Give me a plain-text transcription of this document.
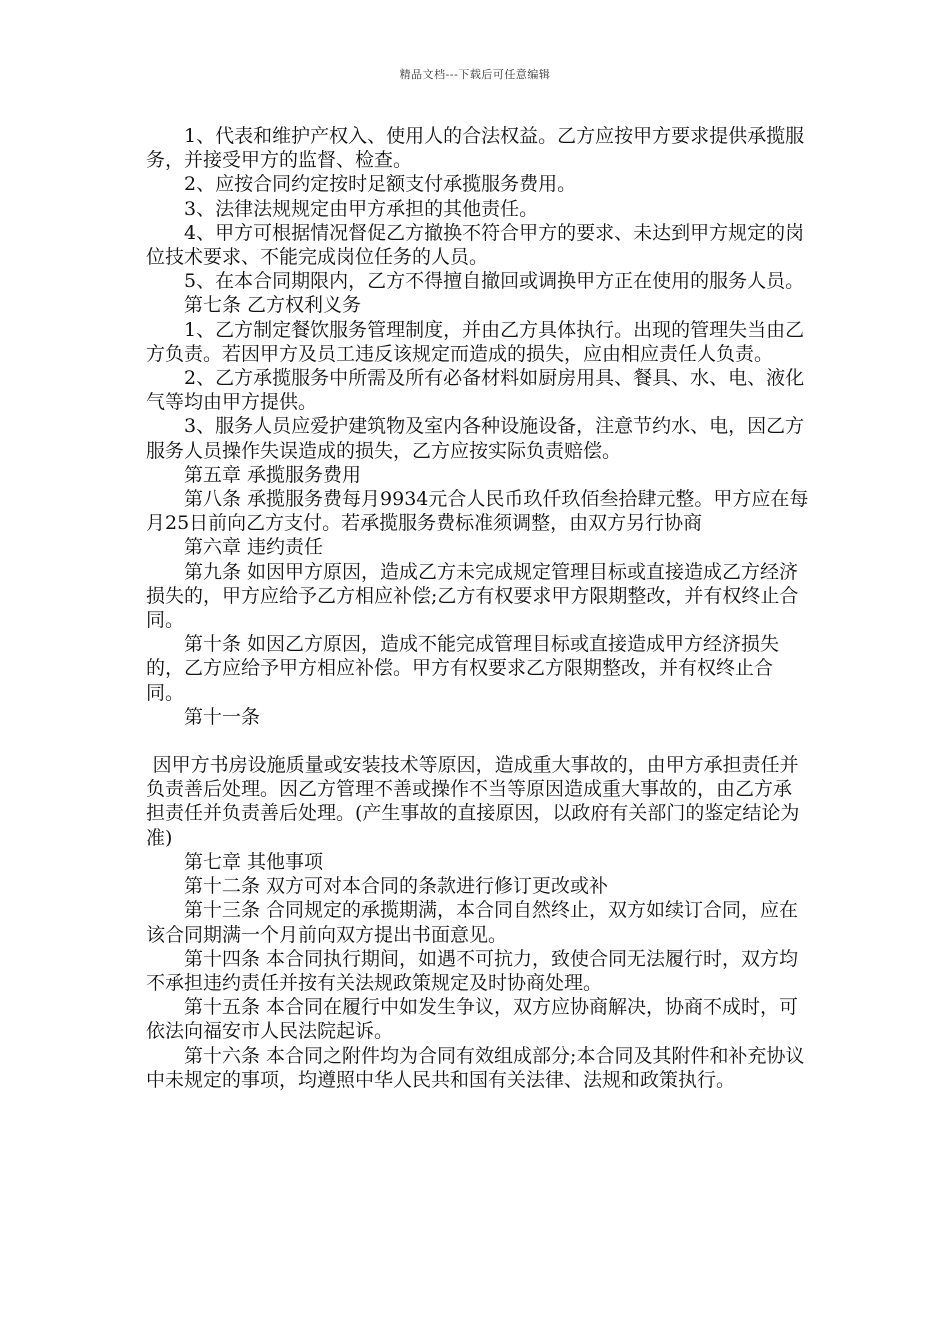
精品文档---下载后可任意编辑

1、代表和维护产权入、使用人的合法权益。乙方应按甲方要求提供承揽服务，并接受甲方的监督、检查。

2、应按合同约定按时足额支付承揽服务费用。

3、法律法规规定由甲方承担的其他责任。

4、甲方可根据情况督促乙方撤换不符合甲方的要求、未达到甲方规定的岗位技术要求、不能完成岗位任务的人员。

5、在本合同期限内，乙方不得擅自撤回或调换甲方正在使用的服务人员。

第七条 乙方权利义务

1、乙方制定餐饮服务管理制度，并由乙方具体执行。出现的管理失当由乙方负责。若因甲方及员工违反该规定而造成的损失，应由相应责任人负责。

2、乙方承揽服务中所需及所有必备材料如厨房用具、餐具、水、电、液化气等均由甲方提供。

3、服务人员应爱护建筑物及室内各种设施设备，注意节约水、电，因乙方服务人员操作失误造成的损失，乙方应按实际负责赔偿。

第五章 承揽服务费用

第八条 承揽服务费每月9934元合人民币玖仟玖佰叁拾肆元整。甲方应在每月25日前向乙方支付。若承揽服务费标准须调整，由双方另行协商

第六章 违约责任

第九条 如因甲方原因，造成乙方未完成规定管理目标或直接造成乙方经济损失的，甲方应给予乙方相应补偿;乙方有权要求甲方限期整改，并有权终止合同。

第十条 如因乙方原因，造成不能完成管理目标或直接造成甲方经济损失的，乙方应给予甲方相应补偿。甲方有权要求乙方限期整改，并有权终止合同。

第十一条

因甲方书房设施质量或安装技术等原因，造成重大事故的，由甲方承担责任并负责善后处理。因乙方管理不善或操作不当等原因造成重大事故的，由乙方承担责任并负责善后处理。(产生事故的直接原因，以政府有关部门的鉴定结论为准)

第七章 其他事项

第十二条 双方可对本合同的条款进行修订更改或补

第十三条 合同规定的承揽期满，本合同自然终止，双方如续订合同，应在该合同期满一个月前向双方提出书面意见。

第十四条 本合同执行期间，如遇不可抗力，致使合同无法履行时，双方均不承担违约责任并按有关法规政策规定及时协商处理。

第十五条 本合同在履行中如发生争议，双方应协商解决，协商不成时，可依法向福安市人民法院起诉。

第十六条 本合同之附件均为合同有效组成部分;本合同及其附件和补充协议中未规定的事项，均遵照中华人民共和国有关法律、法规和政策执行。
